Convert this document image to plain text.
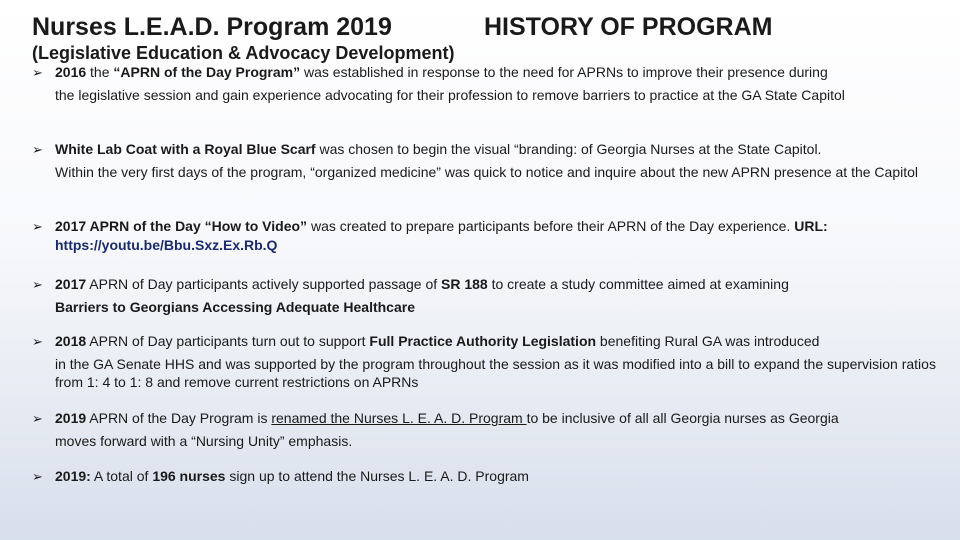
Nurses L.E.A.D. Program 2019	HISTORY OF PROGRAM
(Legislative Education & Advocacy Development)
➢ 2016 the “APRN of the Day Program” was established in response to the need for APRNs to improve their presence during
the legislative session and gain experience advocating for their profession to remove barriers to practice at the GA State Capitol
➢ White Lab Coat with a Royal Blue Scarf was chosen to begin the visual “branding: of Georgia Nurses at the State Capitol.
Within the very first days of the program, “organized medicine” was quick to notice and inquire about the new APRN presence at the Capitol
➢ 2017 APRN of the Day “How to Video” was created to prepare participants before their APRN of the Day experience. URL:
https://youtu.be/Bbu.Sxz.Ex.Rb.Q
➢ 2017 APRN of Day participants actively supported passage of SR 188 to create a study committee aimed at examining
Barriers to Georgians Accessing Adequate Healthcare
➢ 2018 APRN of Day participants turn out to support Full Practice Authority Legislation benefiting Rural GA was introduced
in the GA Senate HHS and was supported by the program throughout the session as it was modified into a bill to expand the supervision ratios from 1: 4 to 1: 8 and remove current restrictions on APRNs
➢ 2019 APRN of the Day Program is renamed the Nurses L. E. A. D. Program to be inclusive of all all Georgia nurses as Georgia
moves forward with a “Nursing Unity” emphasis.
➢ 2019: A total of 196 nurses sign up to attend the Nurses L. E. A. D. Program
